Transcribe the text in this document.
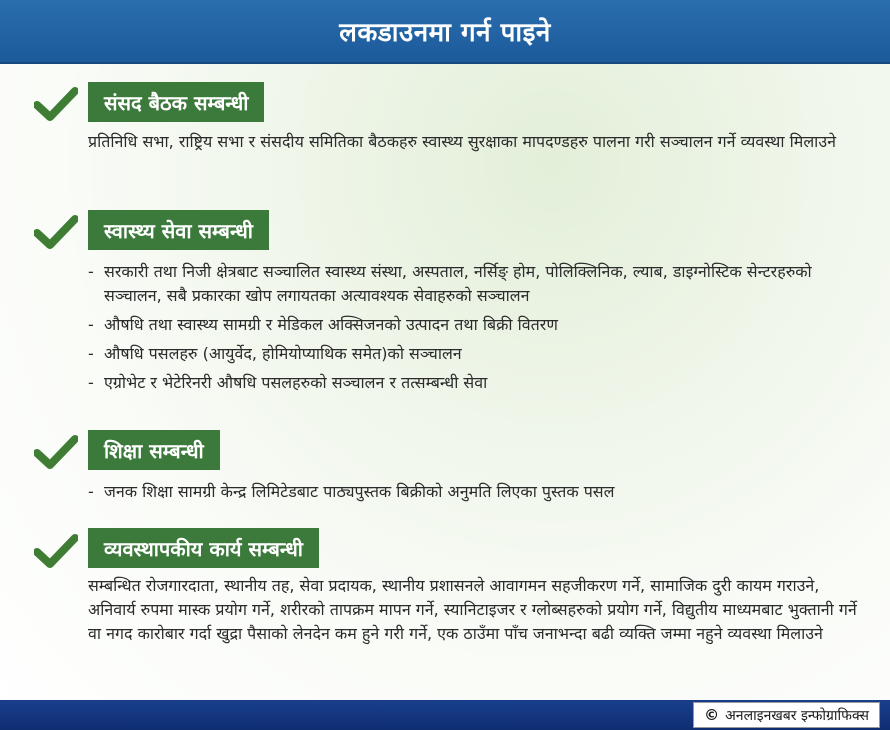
लकडाउनमा गर्न पाइने
संसद बैठक सम्बन्धी

प्रतिनिधि सभा, राष्ट्रिय सभा र संसदीय समितिका बैठकहरु स्वास्थ्य सुरक्षाका मापदण्डहरु पालना गरी सञ्चालन गर्ने व्यवस्था मिलाउने

स्वास्थ्य सेवा सम्बन्धी
- सरकारी तथा निजी क्षेत्रबाट सञ्चालित स्वास्थ्य संस्था, अस्पताल, नर्सिङ् होम, पोलिक्लिनिक, ल्याब, डाइग्नोस्टिक सेन्टरहरुको सञ्चालन, सबै प्रकारका खोप लगायतका अत्यावश्यक सेवाहरुको सञ्चालन
- औषधि तथा स्वास्थ्य सामग्री र मेडिकल अक्सिजनको उत्पादन तथा बिक्री वितरण
- औषधि पसलहरु (आयुर्वेद, होमियोप्याथिक समेत)को सञ्चालन
- एग्रोभेट र भेटेरिनरी औषधि पसलहरुको सञ्चालन र तत्सम्बन्धी सेवा
शिक्षा सम्बन्धी
- जनक शिक्षा सामग्री केन्द्र लिमिटेडबाट पाठ्यपुस्तक बिक्रीको अनुमति लिएका पुस्तक पसल
व्यवस्थापकीय कार्य सम्बन्धी

सम्बन्धित रोजगारदाता, स्थानीय तह, सेवा प्रदायक, स्थानीय प्रशासनले आवागमन सहजीकरण गर्ने, सामाजिक दुरी कायम गराउने, अनिवार्य रुपमा मास्क प्रयोग गर्ने, शरीरको तापक्रम मापन गर्ने, स्यानिटाइजर र ग्लोब्सहरुको प्रयोग गर्ने, विद्युतीय माध्यमबाट भुक्तानी गर्ने वा नगद कारोबार गर्दा खुद्रा पैसाको लेनदेन कम हुने गरी गर्ने, एक ठाउँमा पाँच जनाभन्दा बढी व्यक्ति जम्मा नहुने व्यवस्था मिलाउने

© अनलाइनखबर इन्फोग्राफिक्स
